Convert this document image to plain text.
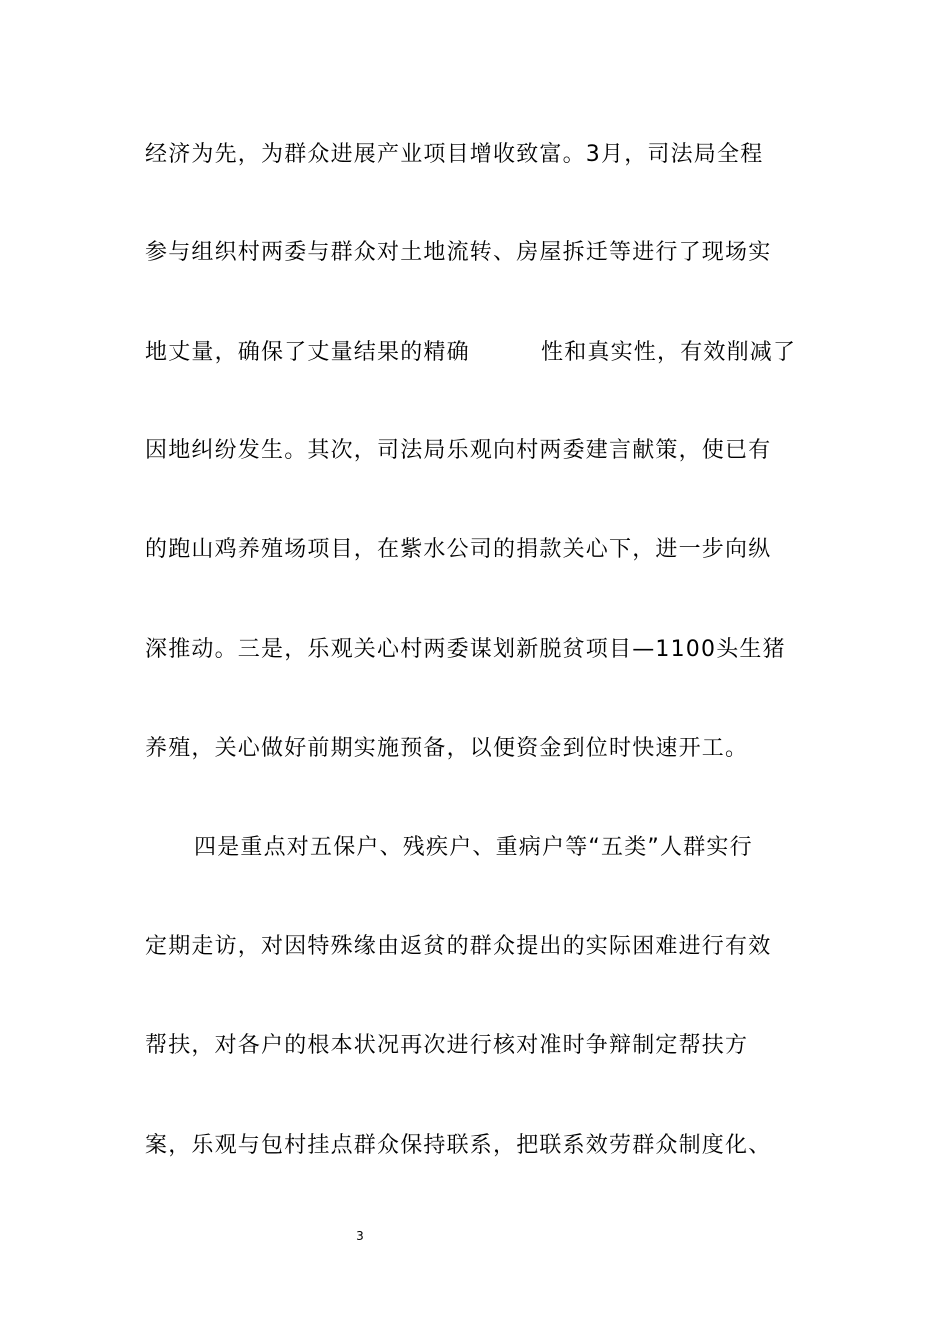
经济为先，为群众进展产业项目增收致富。3月，司法局全程
参与组织村两委与群众对土地流转、房屋拆迁等进行了现场实
地丈量，确保了丈量结果的精确	性和真实性，有效削减了
因地纠纷发生。其次，司法局乐观向村两委建言献策，使已有
的跑山鸡养殖场项目，在紫水公司的捐款关心下，进一步向纵
深推动。三是，乐观关心村两委谋划新脱贫项目—1100头生猪
养殖，关心做好前期实施预备，以便资金到位时快速开工。
四是重点对五保户、残疾户、重病户等“五类”人群实行
定期走访，对因特殊缘由返贫的群众提出的实际困难进行有效
帮扶，对各户的根本状况再次进行核对准时争辩制定帮扶方
案，乐观与包村挂点群众保持联系，把联系效劳群众制度化、
3
